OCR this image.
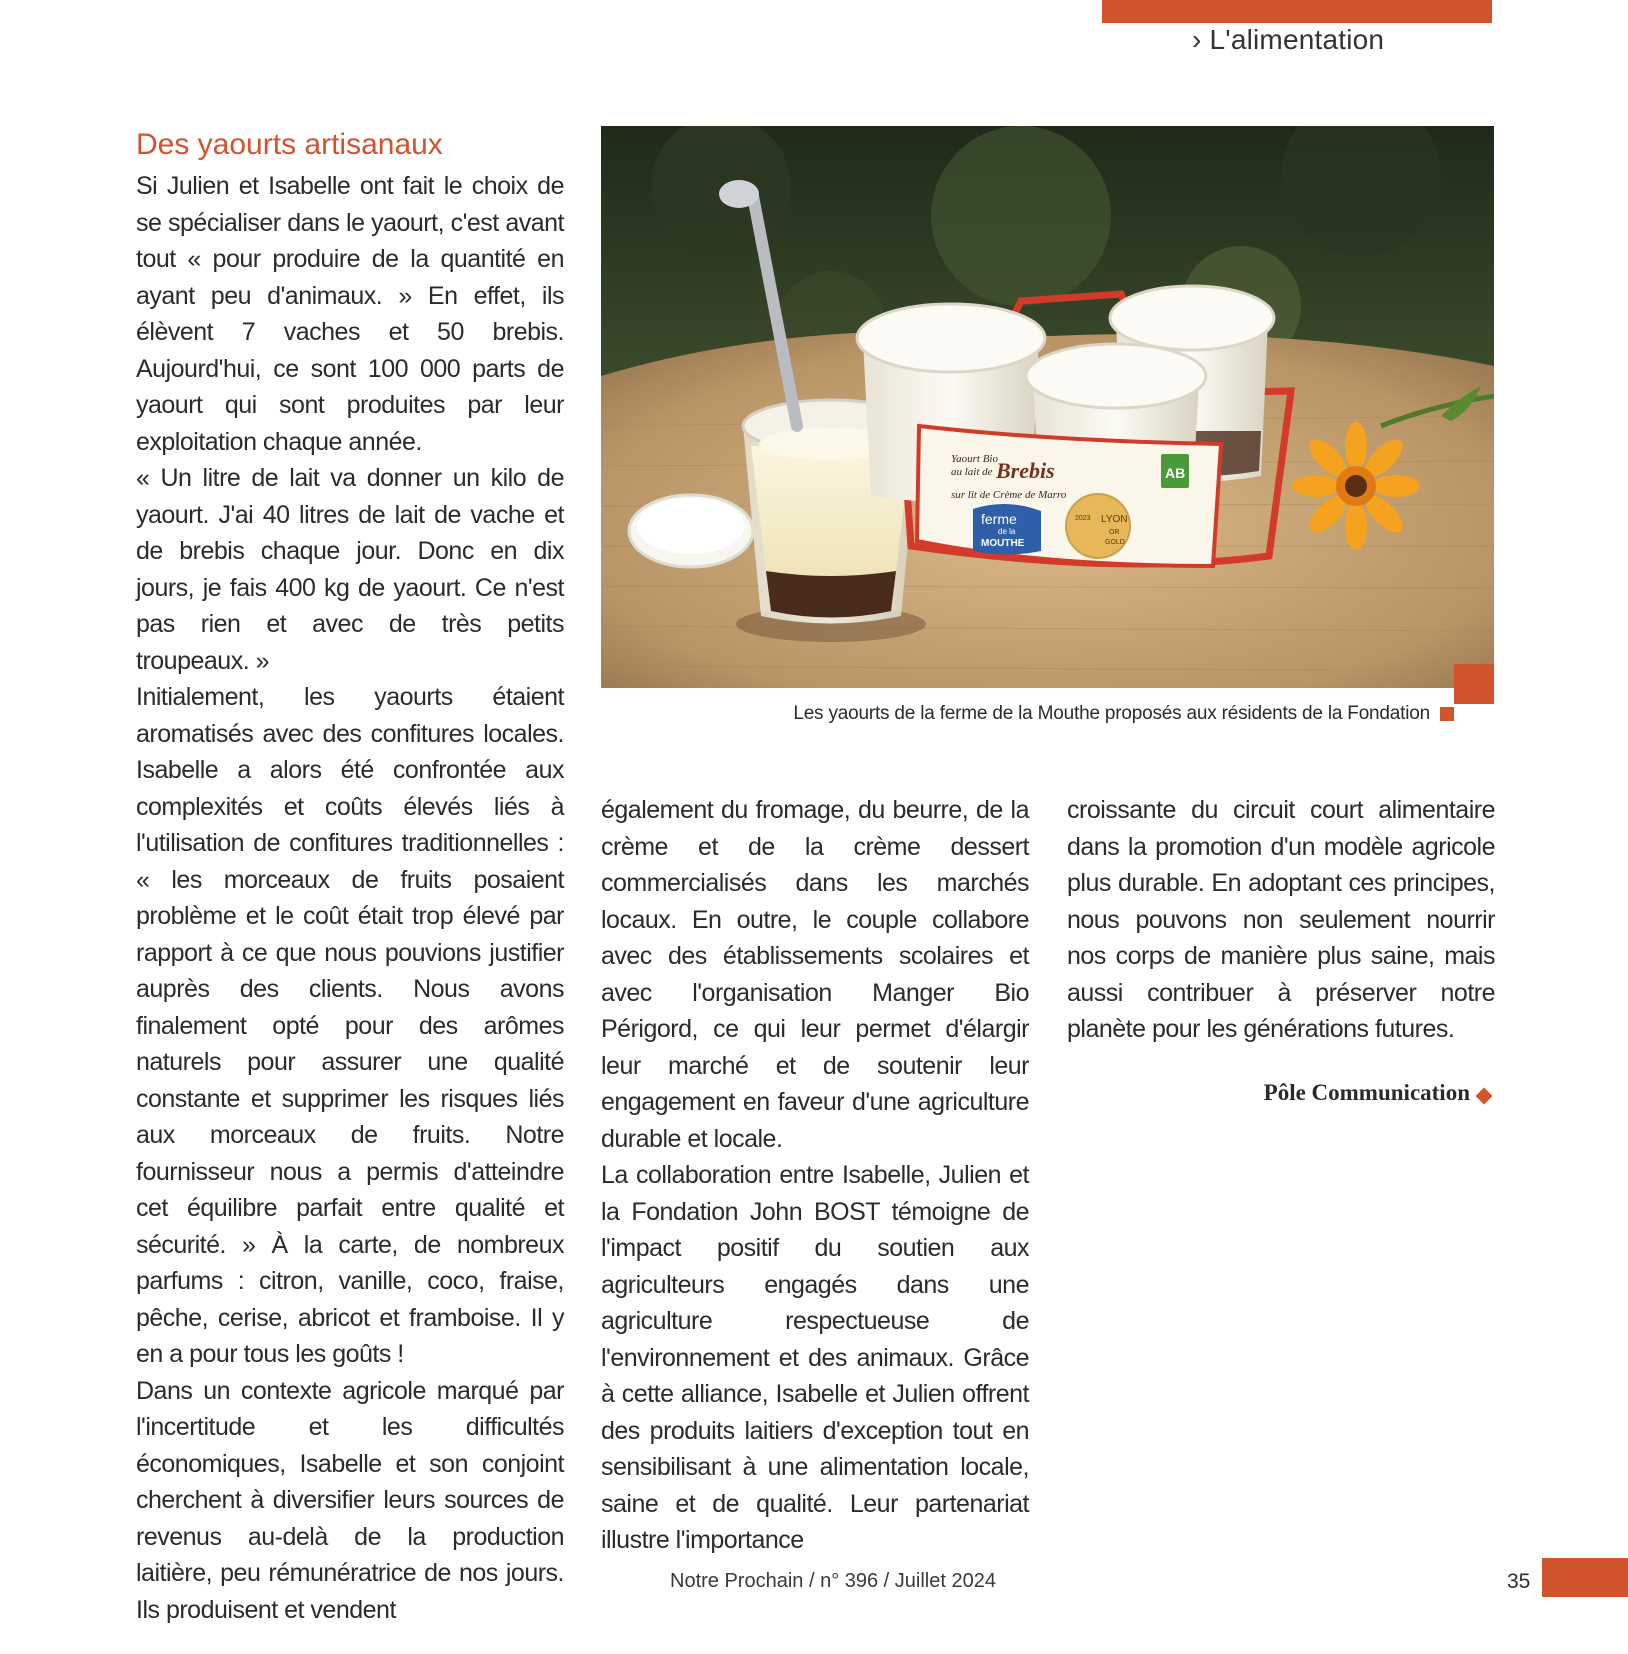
› L'alimentation
Des yaourts artisanaux

Si Julien et Isabelle ont fait le choix de se spécialiser dans le yaourt, c'est avant tout « pour produire de la quantité en ayant peu d'animaux. » En effet, ils élèvent 7 vaches et 50 brebis. Aujourd'hui, ce sont 100 000 parts de yaourt qui sont produites par leur exploitation chaque année.

« Un litre de lait va donner un kilo de yaourt. J'ai 40 litres de lait de vache et de brebis chaque jour. Donc en dix jours, je fais 400 kg de yaourt. Ce n'est pas rien et avec de très petits troupeaux. »

Initialement, les yaourts étaient aromatisés avec des confitures locales. Isabelle a alors été confrontée aux complexités et coûts élevés liés à l'utilisation de confitures traditionnelles : « les morceaux de fruits posaient problème et le coût était trop élevé par rapport à ce que nous pouvions justifier auprès des clients. Nous avons finalement opté pour des arômes naturels pour assurer une qualité constante et supprimer les risques liés aux morceaux de fruits. Notre fournisseur nous a permis d'atteindre cet équilibre parfait entre qualité et sécurité. » À la carte, de nombreux parfums : citron, vanille, coco, fraise, pêche, cerise, abricot et framboise. Il y en a pour tous les goûts !

Dans un contexte agricole marqué par l'incertitude et les difficultés économiques, Isabelle et son conjoint cherchent à diversifier leurs sources de revenus au-delà de la production laitière, peu rémunératrice de nos jours. Ils produisent et vendent

Yaourt Bio
au lait de Brebis
sur lit de Crème de Marro
ferme
de la
MOUTHE
2023 LYON
OR
GOLD
AB
Les yaourts de la ferme de la Mouthe proposés aux résidents de la Fondation

également du fromage, du beurre, de la crème et de la crème dessert commercialisés dans les marchés locaux. En outre, le couple collabore avec des établissements scolaires et avec l'organisation Manger Bio Périgord, ce qui leur permet d'élargir leur marché et de soutenir leur engagement en faveur d'une agriculture durable et locale.

La collaboration entre Isabelle, Julien et la Fondation John BOST témoigne de l'impact positif du soutien aux agriculteurs engagés dans une agriculture respectueuse de l'environnement et des animaux. Grâce à cette alliance, Isabelle et Julien offrent des produits laitiers d'exception tout en sensibilisant à une alimentation locale, saine et de qualité. Leur partenariat illustre l'importance

croissante du circuit court alimentaire dans la promotion d'un modèle agricole plus durable. En adoptant ces principes, nous pouvons non seulement nourrir nos corps de manière plus saine, mais aussi contribuer à préserver notre planète pour les générations futures.

Pôle Communication
Notre Prochain / n° 396 / Juillet 2024	35
